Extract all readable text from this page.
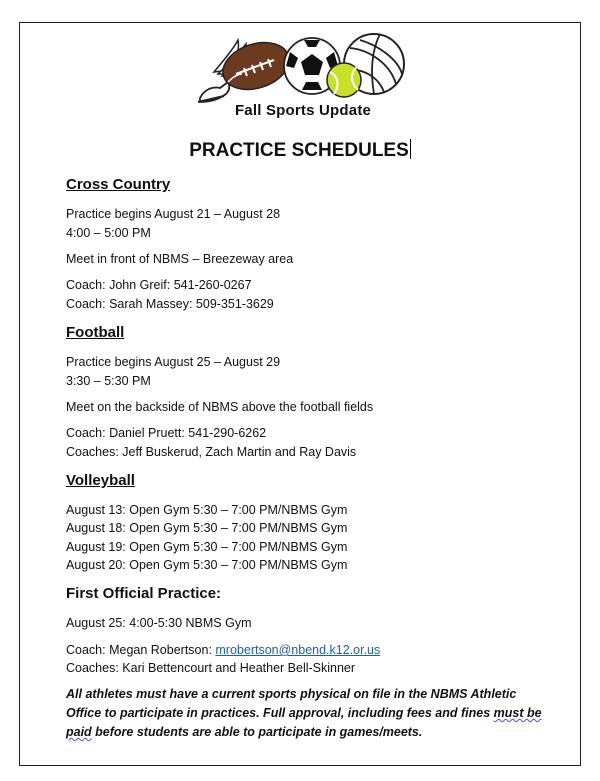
Fall Sports Update
PRACTICE SCHEDULES
Cross Country
Practice begins August 21 – August 28
4:00 – 5:00 PM
Meet in front of NBMS – Breezeway area
Coach: John Greif: 541-260-0267
Coach: Sarah Massey: 509-351-3629
Football
Practice begins August 25 – August 29
3:30 – 5:30 PM
Meet on the backside of NBMS above the football fields
Coach: Daniel Pruett: 541-290-6262
Coaches: Jeff Buskerud, Zach Martin and Ray Davis
Volleyball
August 13: Open Gym 5:30 – 7:00 PM/NBMS Gym
August 18: Open Gym 5:30 – 7:00 PM/NBMS Gym
August 19: Open Gym 5:30 – 7:00 PM/NBMS Gym
August 20: Open Gym 5:30 – 7:00 PM/NBMS Gym
First Official Practice:
August 25: 4:00-5:30 NBMS Gym
Coach: Megan Robertson: mrobertson@nbend.k12.or.us
Coaches: Kari Bettencourt and Heather Bell-Skinner
All athletes must have a current sports physical on file in the NBMS Athletic Office to participate in practices. Full approval, including fees and fines must be paid before students are able to participate in games/meets.
